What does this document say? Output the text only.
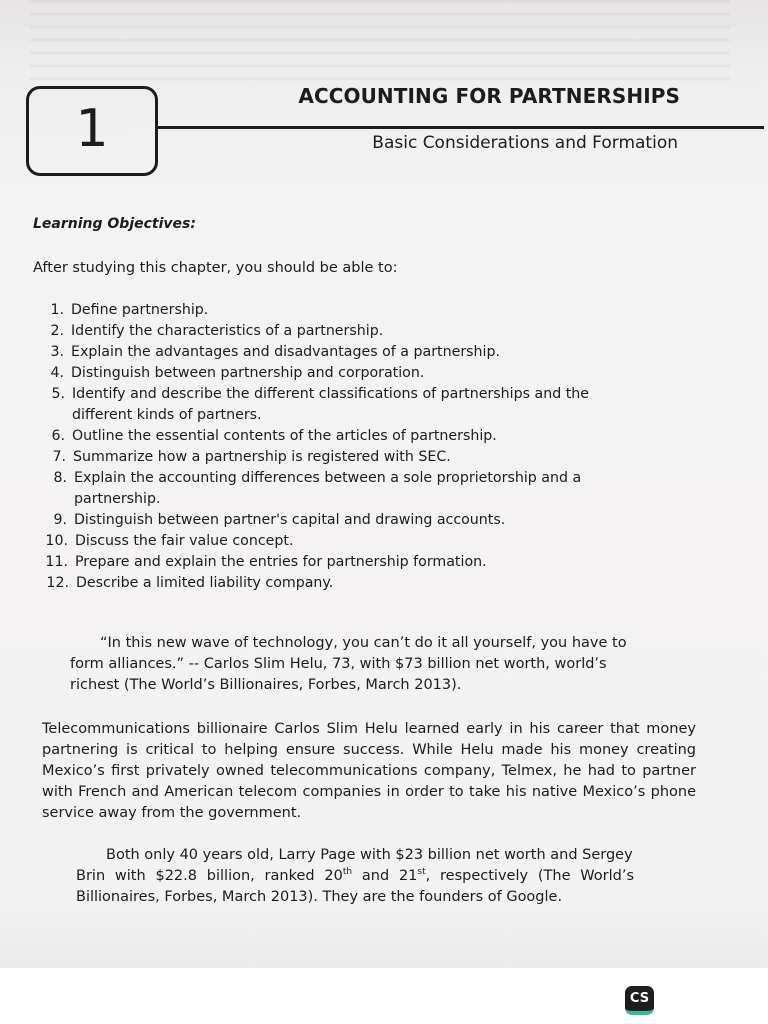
1
ACCOUNTING FOR PARTNERSHIPS
Basic Considerations and Formation
Learning Objectives:
After studying this chapter, you should be able to:
1. Define partnership.
2. Identify the characteristics of a partnership.
3. Explain the advantages and disadvantages of a partnership.
4. Distinguish between partnership and corporation.
5. Identify and describe the different classifications of partnerships and the
different kinds of partners.
6. Outline the essential contents of the articles of partnership.
7. Summarize how a partnership is registered with SEC.
8. Explain the accounting differences between a sole proprietorship and a
partnership.
9. Distinguish between partner's capital and drawing accounts.
10. Discuss the fair value concept.
11. Prepare and explain the entries for partnership formation.
12. Describe a limited liability company.
“In this new wave of technology, you can’t do it all yourself, you have to
form alliances.” -- Carlos Slim Helu, 73, with $73 billion net worth, world’s richest (The World’s Billionaires, Forbes, March 2013).
Telecommunications billionaire Carlos Slim Helu learned early in his career that money partnering is critical to helping ensure success. While Helu made his money creating Mexico’s first privately owned telecommunications company, Telmex, he had to partner with French and American telecom companies in order to take his native Mexico’s phone service away from the government.
Both only 40 years old, Larry Page with $23 billion net worth and Sergey
Brin with $22.8 billion, ranked 20th and 21st, respectively (The World’s Billionaires, Forbes, March 2013). They are the founders of Google.
CS
